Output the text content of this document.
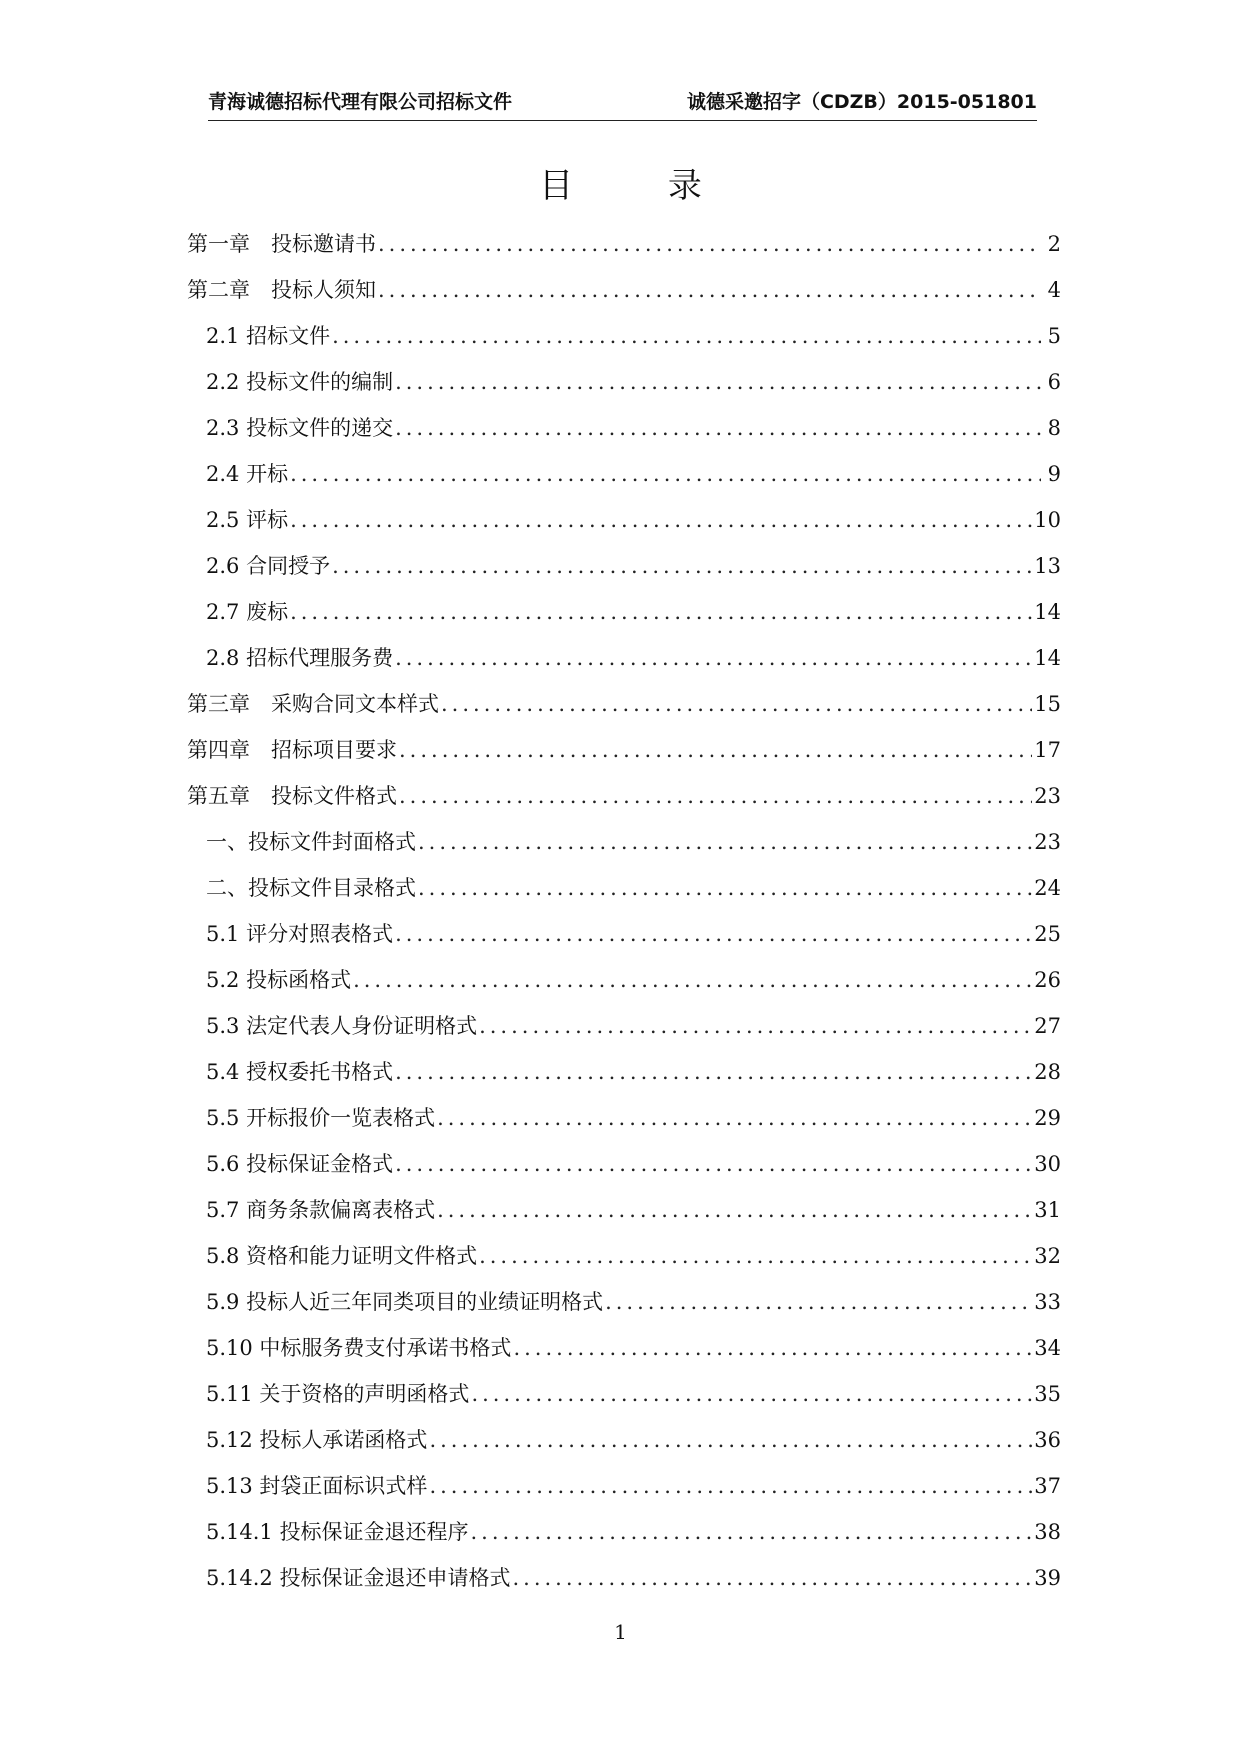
青海诚德招标代理有限公司招标文件	诚德采邀招字（CDZB）2015-051801
目 录
第一章　投标邀请书 .....	2
第二章　投标人须知 .....	4
2.1 招标文件 .....	5
2.2 投标文件的编制 .....	6
2.3 投标文件的递交 .....	8
2.4 开标 .....	9
2.5 评标 .....	10
2.6 合同授予 .....	13
2.7 废标 .....	14
2.8 招标代理服务费 .....	14
第三章　采购合同文本样式 .....	15
第四章　招标项目要求 .....	17
第五章　投标文件格式 .....	23
一、投标文件封面格式 .....	23
二、投标文件目录格式 .....	24
5.1 评分对照表格式 .....	25
5.2 投标函格式 .....	26
5.3 法定代表人身份证明格式 .....	27
5.4 授权委托书格式 .....	28
5.5 开标报价一览表格式 .....	29
5.6 投标保证金格式 .....	30
5.7 商务条款偏离表格式 .....	31
5.8 资格和能力证明文件格式 .....	32
5.9 投标人近三年同类项目的业绩证明格式 .....	33
5.10 中标服务费支付承诺书格式 .....	34
5.11 关于资格的声明函格式 .....	35
5.12 投标人承诺函格式 .....	36
5.13 封袋正面标识式样 .....	37
5.14.1 投标保证金退还程序 .....	38
5.14.2 投标保证金退还申请格式 .....	39
1
